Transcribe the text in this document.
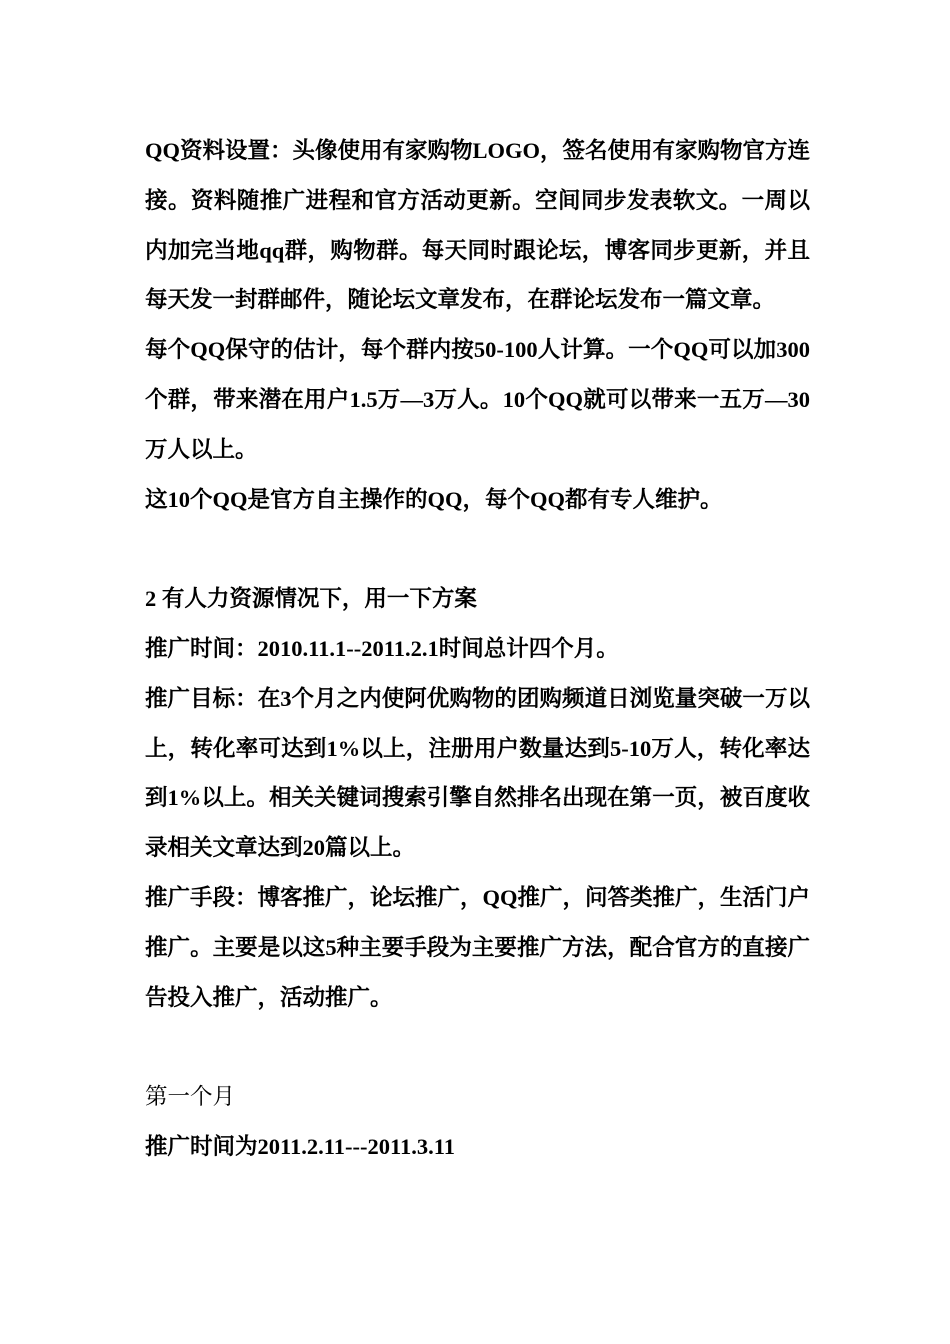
QQ资料设置：头像使用有家购物LOGO，签名使用有家购物官方连接。资料随推广进程和官方活动更新。空间同步发表软文。一周以内加完当地qq群，购物群。每天同时跟论坛，博客同步更新，并且每天发一封群邮件，随论坛文章发布，在群论坛发布一篇文章。

每个QQ保守的估计，每个群内按50-100人计算。一个QQ可以加300个群，带来潜在用户1.5万—3万人。10个QQ就可以带来一五万—30万人以上。

这10个QQ是官方自主操作的QQ，每个QQ都有专人维护。

2 有人力资源情况下，用一下方案

推广时间：2010.11.1--2011.2.1时间总计四个月。

推广目标：在3个月之内使阿优购物的团购频道日浏览量突破一万以上，转化率可达到1%以上，注册用户数量达到5-10万人，转化率达到1%以上。相关关键词搜索引擎自然排名出现在第一页，被百度收录相关文章达到20篇以上。

推广手段：博客推广，论坛推广，QQ推广，问答类推广，生活门户推广。主要是以这5种主要手段为主要推广方法，配合官方的直接广告投入推广，活动推广。

第一个月

推广时间为2011.2.11---2011.3.11
